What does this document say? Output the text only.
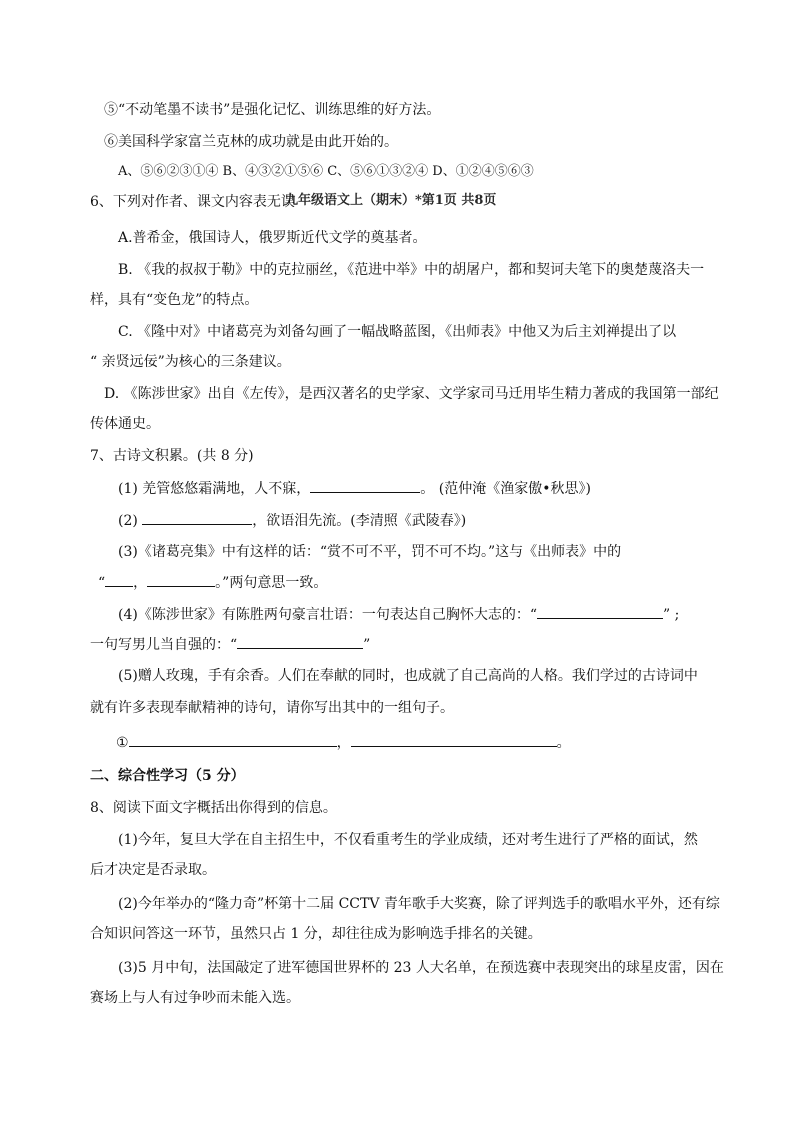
⑤“不动笔墨不读书”是强化记忆、训练思维的好方法。
⑥美国科学家富兰克林的成功就是由此开始的。
A、⑤⑥②③①④ B、④③②①⑤⑥ C、⑤⑥①③②④ D、①②④⑤⑥③
6、下列对作者、课文内容表无误
九年级语文上（期末）*第1页 共8页
A.普希金，俄国诗人，俄罗斯近代文学的奠基者。
B. 《我的叔叔于勒》中的克拉丽丝，《范进中举》中的胡屠户，都和契诃夫笔下的奥楚蔑洛夫一
样，具有“变色龙”的特点。
C. 《隆中对》中诸葛亮为刘备勾画了一幅战略蓝图，《出师表》中他又为后主刘禅提出了以
“ 亲贤远佞”为核心的三条建议。
D. 《陈涉世家》出自《左传》，是西汉著名的史学家、文学家司马迁用毕生精力著成的我国第一部纪
传体通史。
7、古诗文积累。(共 8 分)
(1) 羌管悠悠霜满地，人不寐，	。 (范仲淹《渔家傲•秋思》)
(2)	，欲语泪先流。(李清照《武陵春》)
(3)《诸葛亮集》中有这样的话：“赏不可不平，罚不可不均。”这与《出师表》中的
“ ，	。”两句意思一致。
(4)《陈涉世家》有陈胜两句豪言壮语：一句表达自己胸怀大志的：“	” ;
一句写男儿当自强的：“	”
(5)赠人玫瑰，手有余香。人们在奉献的同时，也成就了自己高尚的人格。我们学过的古诗词中
就有许多表现奉献精神的诗句，请你写出其中的一组句子。
①	，	。
二、综合性学习（5 分）
8、阅读下面文字概括出你得到的信息。
(1)今年，复旦大学在自主招生中，不仅看重考生的学业成绩，还对考生进行了严格的面试，然
后才决定是否录取。
(2)今年举办的“隆力奇”杯第十二届 CCTV 青年歌手大奖赛，除了评判选手的歌唱水平外，还有综
合知识问答这一环节，虽然只占 1 分，却往往成为影响选手排名的关键。
(3)5 月中旬，法国敲定了进军德国世界杯的 23 人大名单，在预选赛中表现突出的球星皮雷，因在
赛场上与人有过争吵而未能入选。
